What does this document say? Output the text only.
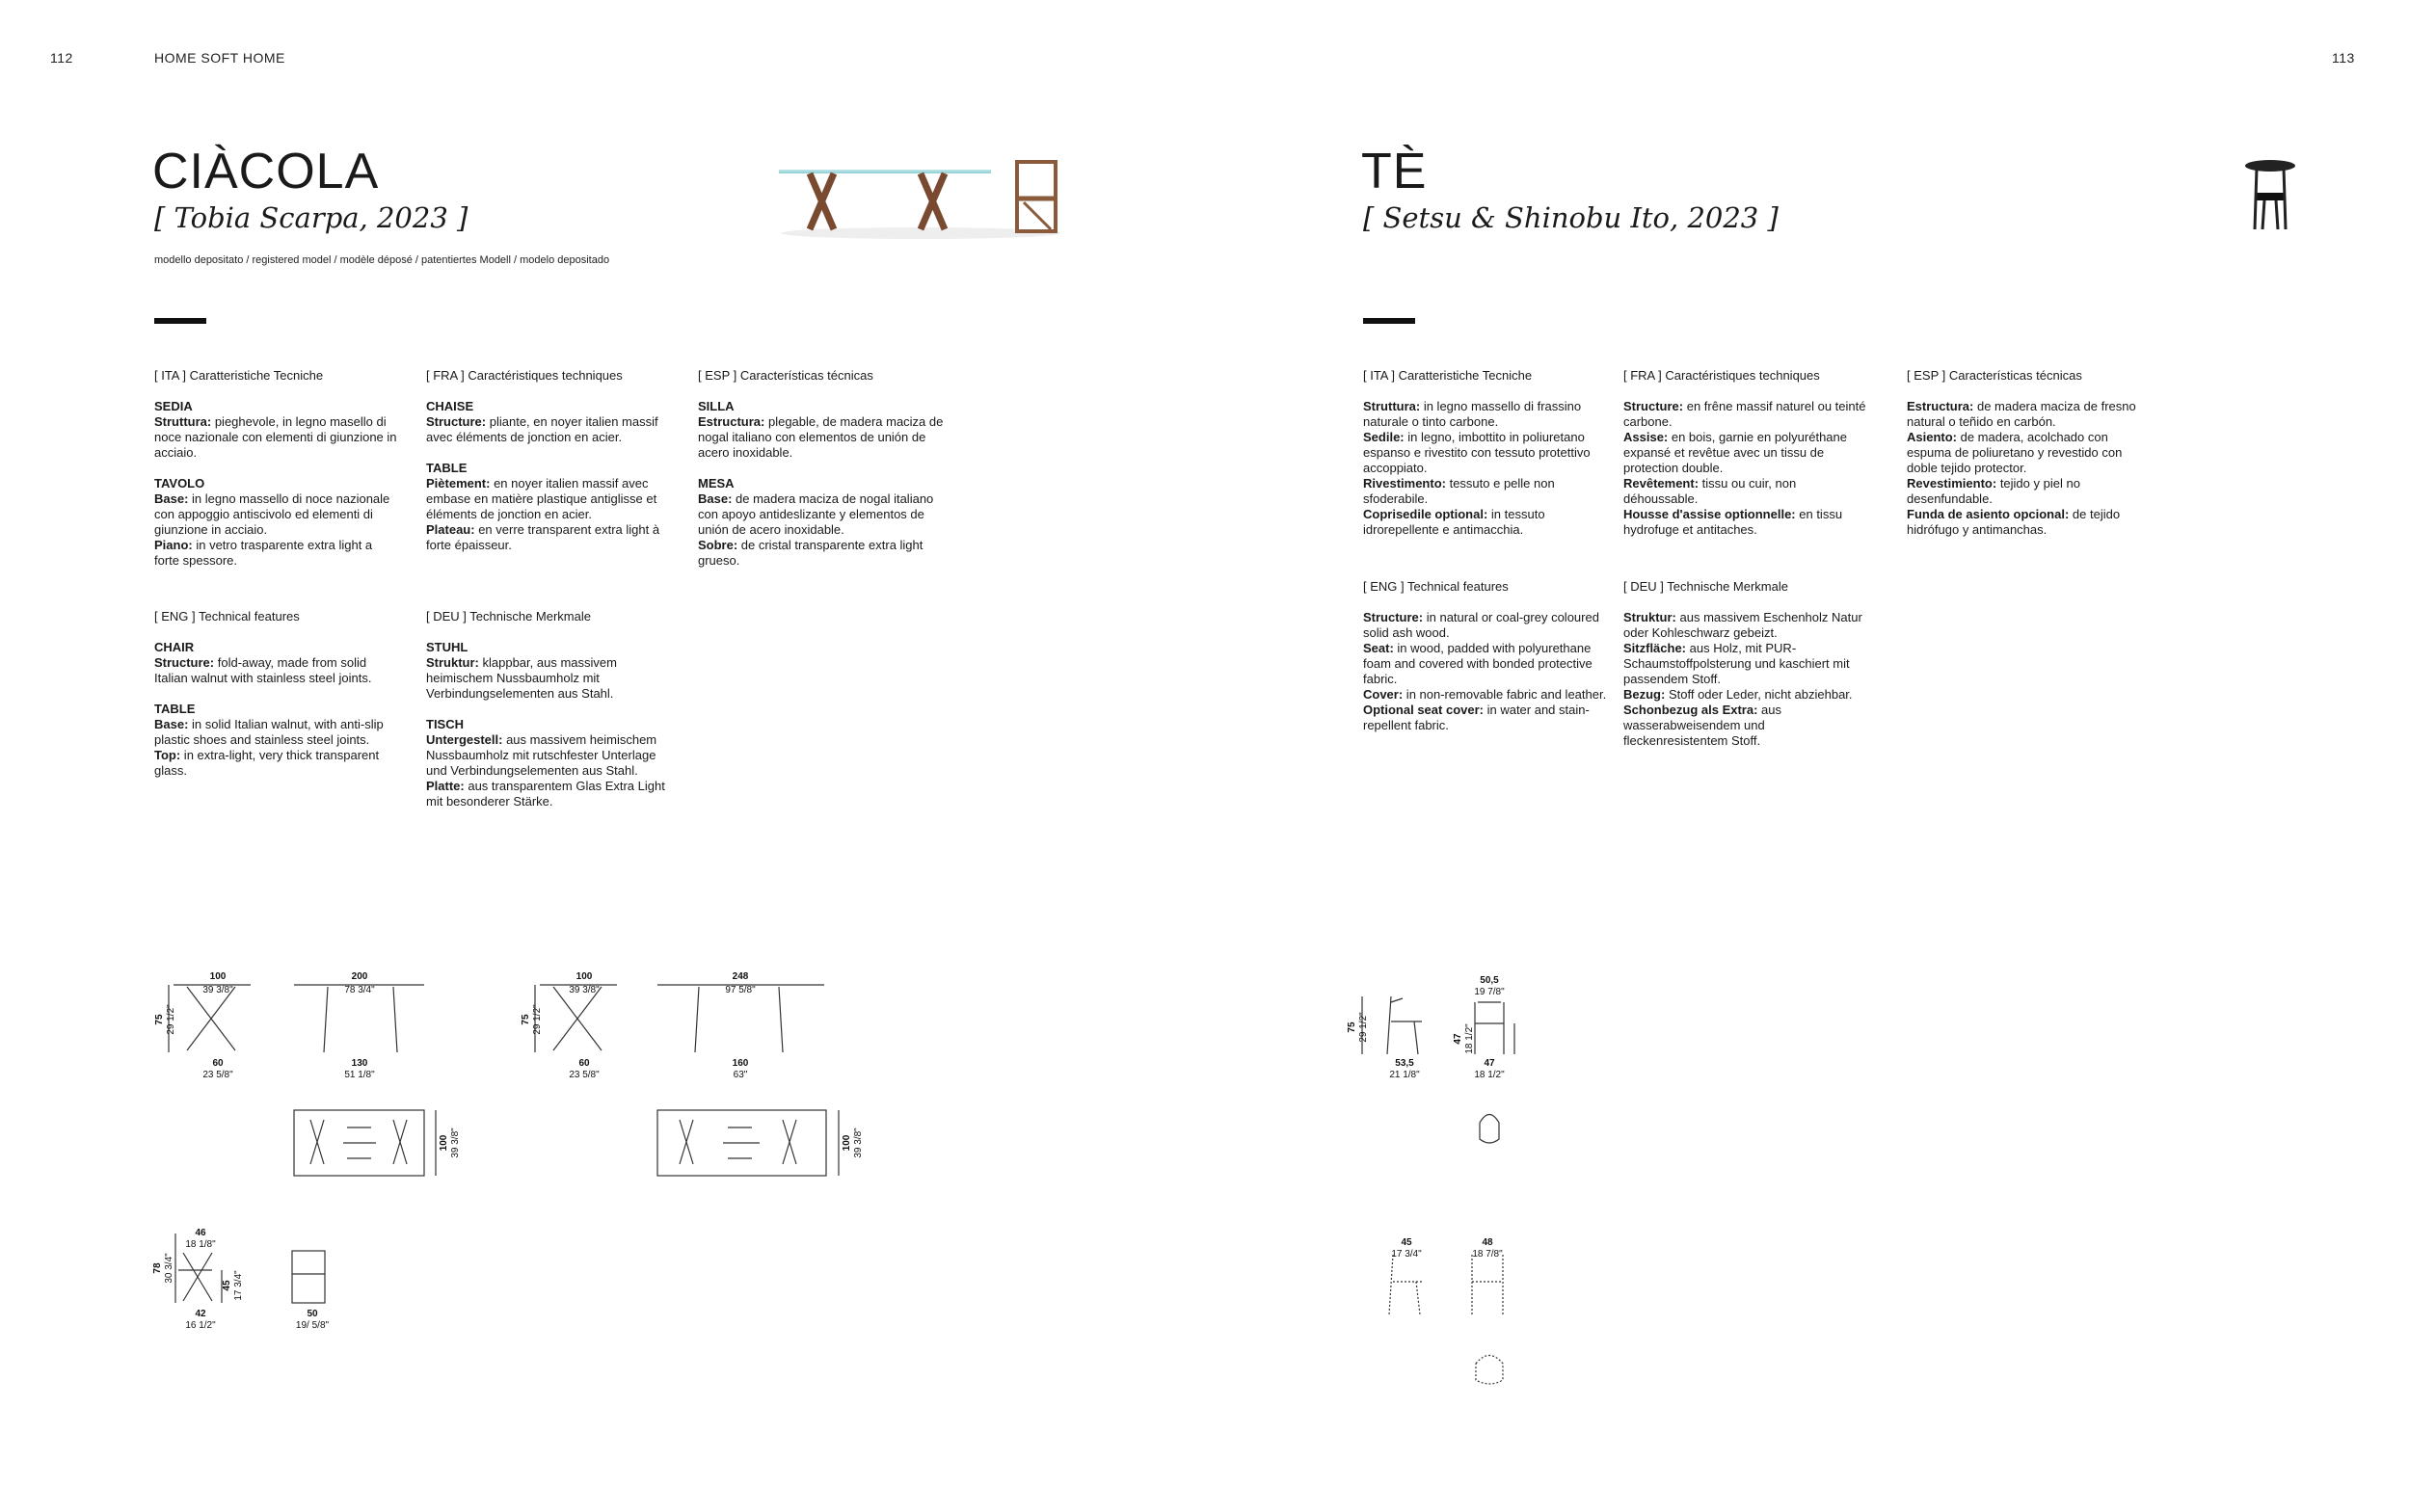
112	HOME SOFT HOME	113
CIÀCOLA
[ Tobia Scarpa, 2023 ]
modello depositato / registered model / modèle déposé / patentiertes Modell / modelo depositado
[ ITA ] Caratteristiche Tecniche
SEDIA
Struttura: pieghevole, in legno masello di noce nazionale con elementi di giunzione in acciaio.
TAVOLO
Base: in legno massello di noce nazionale con appoggio antiscivolo ed elementi di giunzione in acciaio.
Piano: in vetro trasparente extra light a forte spessore.
[ FRA ] Caractéristiques techniques
CHAISE
Structure: pliante, en noyer italien massif avec éléments de jonction en acier.
TABLE
Piètement: en noyer italien massif avec embase en matière plastique antiglisse et éléments de jonction en acier.
Plateau: en verre transparent extra light à forte épaisseur.
[ ESP ] Características técnicas
SILLA
Estructura: plegable, de madera maciza de nogal italiano con elementos de unión de acero inoxidable.
MESA
Base: de madera maciza de nogal italiano con apoyo antideslizante y elementos de unión de acero inoxidable.
Sobre: de cristal transparente extra light grueso.
[ ENG ] Technical features
CHAIR
Structure: fold-away, made from solid Italian walnut with stainless steel joints.
TABLE
Base: in solid Italian walnut, with anti-slip plastic shoes and stainless steel joints.
Top: in extra-light, very thick transparent glass.
[ DEU ] Technische Merkmale
STUHL
Struktur: klappbar, aus massivem heimischem Nussbaumholz mit Verbindungselementen aus Stahl.
TISCH
Untergestell: aus massivem heimischem Nussbaumholz mit rutschfester Unterlage und Verbindungselementen aus Stahl.
Platte: aus transparentem Glas Extra Light mit besonderer Stärke.
100
39 3/8"
60
23 5/8"
75 29 1/2"
200
78 3/4"
130
51 1/8"
100
39 3/8"
60
23 5/8"
75 29 1/2"
248
97 5/8"
160
63"
100 39 3/8"	100 39 3/8"
46
18 1/8"
78 30 3/4"
45 17 3/4"
42
16 1/2"
50
19/ 5/8"
TÈ
[ Setsu & Shinobu Ito, 2023 ]
[ ITA ] Caratteristiche Tecniche
Struttura: in legno massello di frassino naturale o tinto carbone.
Sedile: in legno, imbottito in poliuretano espanso e rivestito con tessuto protettivo accoppiato.
Rivestimento: tessuto e pelle non sfoderabile.
Coprisedile optional: in tessuto idrorepellente e antimacchia.
[ FRA ] Caractéristiques techniques
Structure: en frêne massif naturel ou teinté carbone.
Assise: en bois, garnie en polyuréthane expansé et revêtue avec un tissu de protection double.
Revêtement: tissu ou cuir, non déhoussable.
Housse d'assise optionnelle: en tissu hydrofuge et antitaches.
[ ESP ] Características técnicas
Estructura: de madera maciza de fresno natural o teñido en carbón.
Asiento: de madera, acolchado con espuma de poliuretano y revestido con doble tejido protector.
Revestimiento: tejido y piel no desenfundable.
Funda de asiento opcional: de tejido hidrófugo y antimanchas.
[ ENG ] Technical features
Structure: in natural or coal-grey coloured solid ash wood.
Seat: in wood, padded with polyurethane foam and covered with bonded protective fabric.
Cover: in non-removable fabric and leather.
Optional seat cover: in water and stain-repellent fabric.
[ DEU ] Technische Merkmale
Struktur: aus massivem Eschenholz Natur oder Kohleschwarz gebeizt.
Sitzfläche: aus Holz, mit PUR-Schaumstoffpolsterung und kaschiert mit passendem Stoff.
Bezug: Stoff oder Leder, nicht abziehbar.
Schonbezug als Extra: aus wasserabweisendem und fleckenresistentem Stoff.
75 29 1/2"
53,5
21 1/8"
50,5
19 7/8"
47 18 1/2"
47
18 1/2"
45
17 3/4"
48
18 7/8"
